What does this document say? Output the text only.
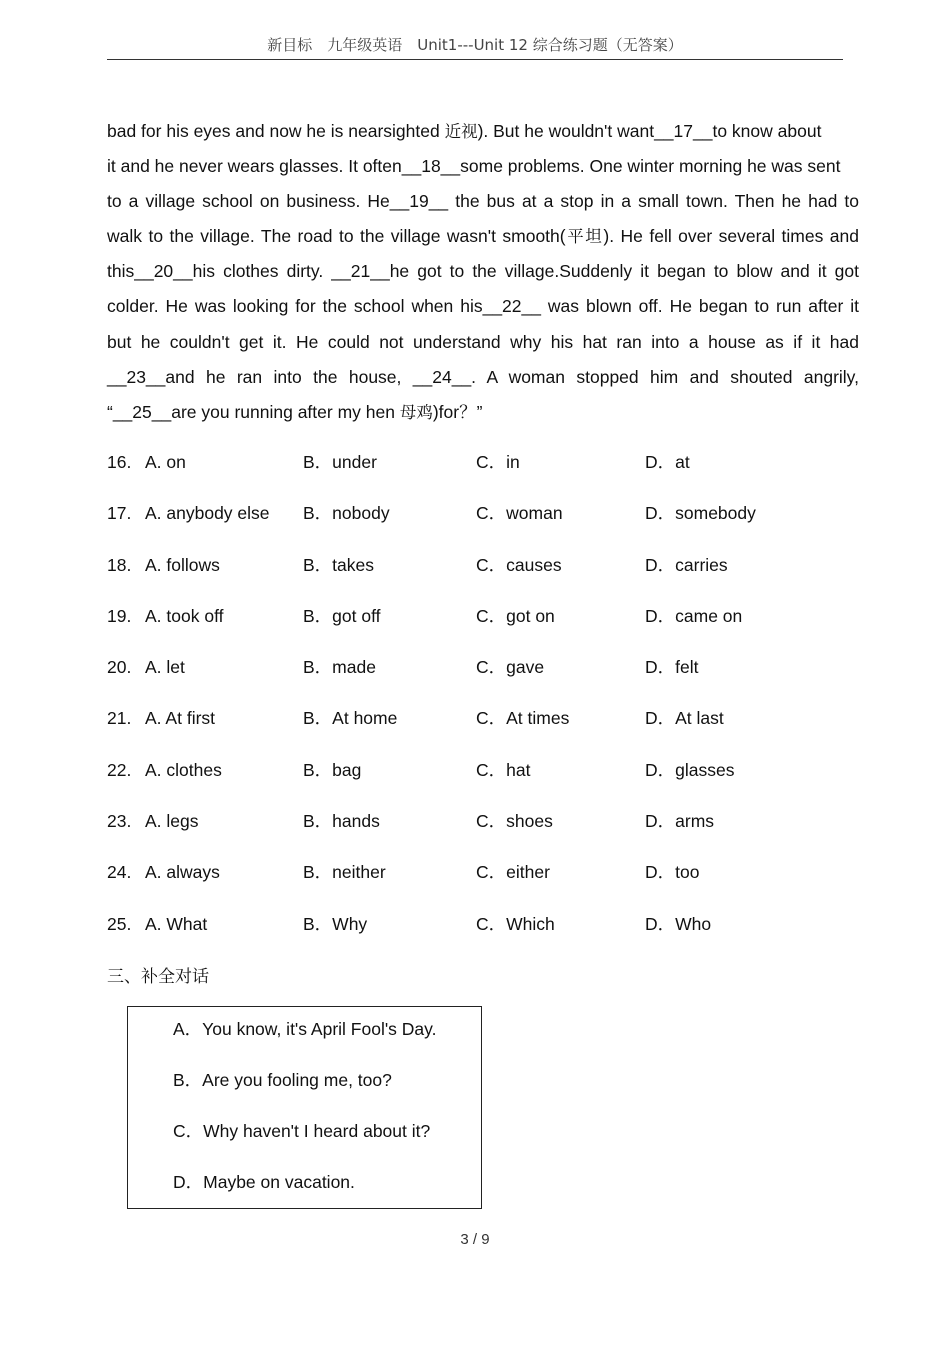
新目标　九年级英语　Unit1---Unit 12 综合练习题（无答案）
bad for his eyes and now he is nearsighted 近视). But he wouldn't want__17__to know about
it and he never wears glasses. It often__18__some problems. One winter morning he was sent
to a village school on business. He__19__ the bus at a stop in a small town. Then he had to
walk to the village. The road to the village wasn't smooth(平坦). He fell over several times and
this__20__his clothes dirty. __21__he got to the village.Suddenly it began to blow and it got
colder. He was looking for the school when his__22__ was blown off. He began to run after it
but he couldn't get it. He could not understand why his hat ran into a house as if it had
__23__and he ran into the house, __24__. A woman stopped him and shouted angrily,
“__25__are you running after my hen 母鸡)for？”
16. A. on	B．under	C．in	D．at
17. A. anybody else B．nobody	C．woman	D．somebody
18. A. follows	B．takes	C．causes	D．carries
19. A. took off	B．got off	C．got on	D．came on
20. A. let	B．made	C．gave	D．felt
21. A. At first	B．At home	C．At times	D．At last
22. A. clothes	B．bag	C．hat	D．glasses
23. A. legs	B．hands	C．shoes	D．arms
24. A. always	B．neither	C．either	D．too
25. A. What	B．Why	C．Which	D．Who
三、补全对话
A．You know, it's April Fool's Day.
B．Are you fooling me, too?
C．Why haven't I heard about it?
D．Maybe on vacation.
3 / 9
